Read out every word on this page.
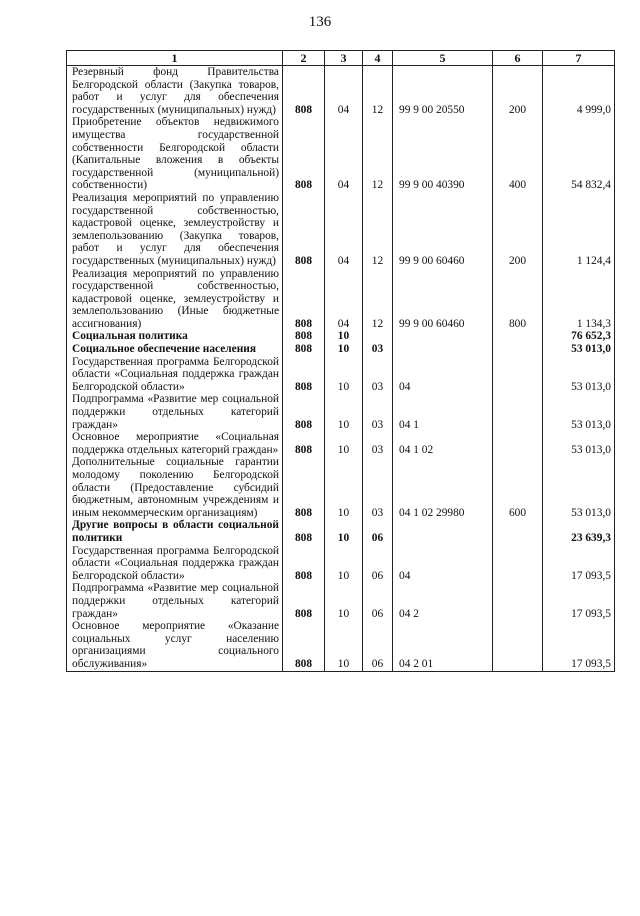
136
1	2	3	4	5	6	7
Резервный фонд Правительства Белгородской области (Закупка товаров, работ и услуг для обеспечения государственных (муниципальных) нужд)	808	04	12	99 9 00 20550	200	4 999,0
Приобретение объектов недвижимого имущества государственной собственности Белгородской области (Капитальные вложения в объекты государственной (муниципальной) собственности)	808	04	12	99 9 00 40390	400	54 832,4
Реализация мероприятий по управлению государственной собственностью, кадастровой оценке, землеустройству и землепользованию (Закупка товаров, работ и услуг для обеспечения государственных (муниципальных) нужд)	808	04	12	99 9 00 60460	200	1 124,4
Реализация мероприятий по управлению государственной собственностью, кадастровой оценке, землеустройству и землепользованию (Иные бюджетные ассигнования)	808	04	12	99 9 00 60460	800	1 134,3
Социальная политика	808	10				76 652,3
Социальное обеспечение населения	808	10	03			53 013,0
Государственная программа Белгородской области «Социальная поддержка граждан Белгородской области»	808	10	03	04		53 013,0
Подпрограмма «Развитие мер социальной поддержки отдельных категорий граждан»	808	10	03	04 1		53 013,0
Основное мероприятие «Социальная поддержка отдельных категорий граждан»	808	10	03	04 1 02		53 013,0
Дополнительные социальные гарантии молодому поколению Белгородской области (Предоставление субсидий бюджетным, автономным учреждениям и иным некоммерческим организациям)	808	10	03	04 1 02 29980	600	53 013,0
Другие вопросы в области социальной политики	808	10	06			23 639,3
Государственная программа Белгородской области «Социальная поддержка граждан Белгородской области»	808	10	06	04		17 093,5
Подпрограмма «Развитие мер социальной поддержки отдельных категорий граждан»	808	10	06	04 2		17 093,5
Основное мероприятие «Оказание социальных услуг населению организациями социального обслуживания»	808	10	06	04 2 01		17 093,5
